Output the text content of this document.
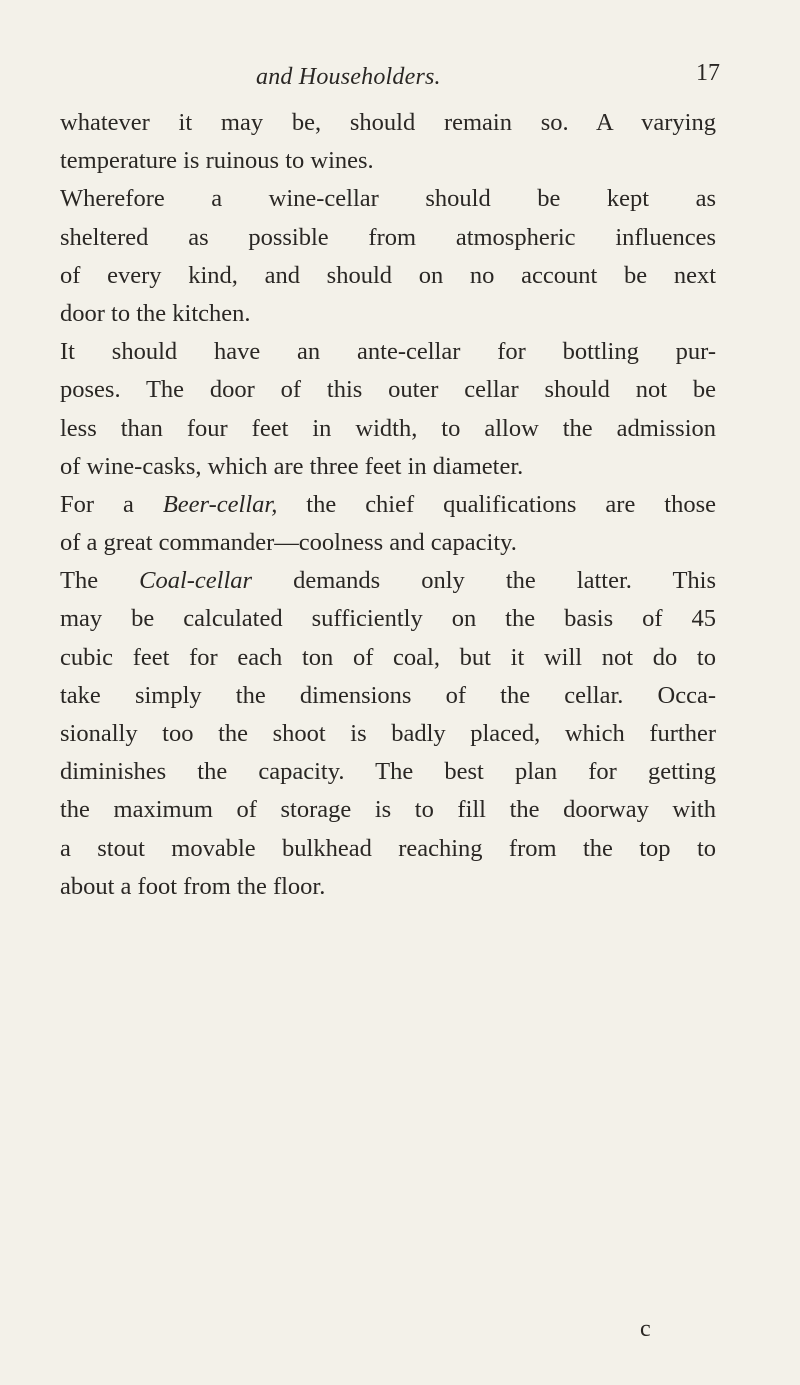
and Householders.	17
whatever it may be, should remain so. A varying
temperature is ruinous to wines.
Wherefore a wine-cellar should be kept as
sheltered as possible from atmospheric influences
of every kind, and should on no account be next
door to the kitchen.
It should have an ante-cellar for bottling pur-
poses. The door of this outer cellar should not be
less than four feet in width, to allow the admission
of wine-casks, which are three feet in diameter.
For a Beer-cellar, the chief qualifications are those
of a great commander—coolness and capacity.
The Coal-cellar demands only the latter. This
may be calculated sufficiently on the basis of 45
cubic feet for each ton of coal, but it will not do to
take simply the dimensions of the cellar. Occa-
sionally too the shoot is badly placed, which further
diminishes the capacity. The best plan for getting
the maximum of storage is to fill the doorway with
a stout movable bulkhead reaching from the top to
about a foot from the floor.
c
